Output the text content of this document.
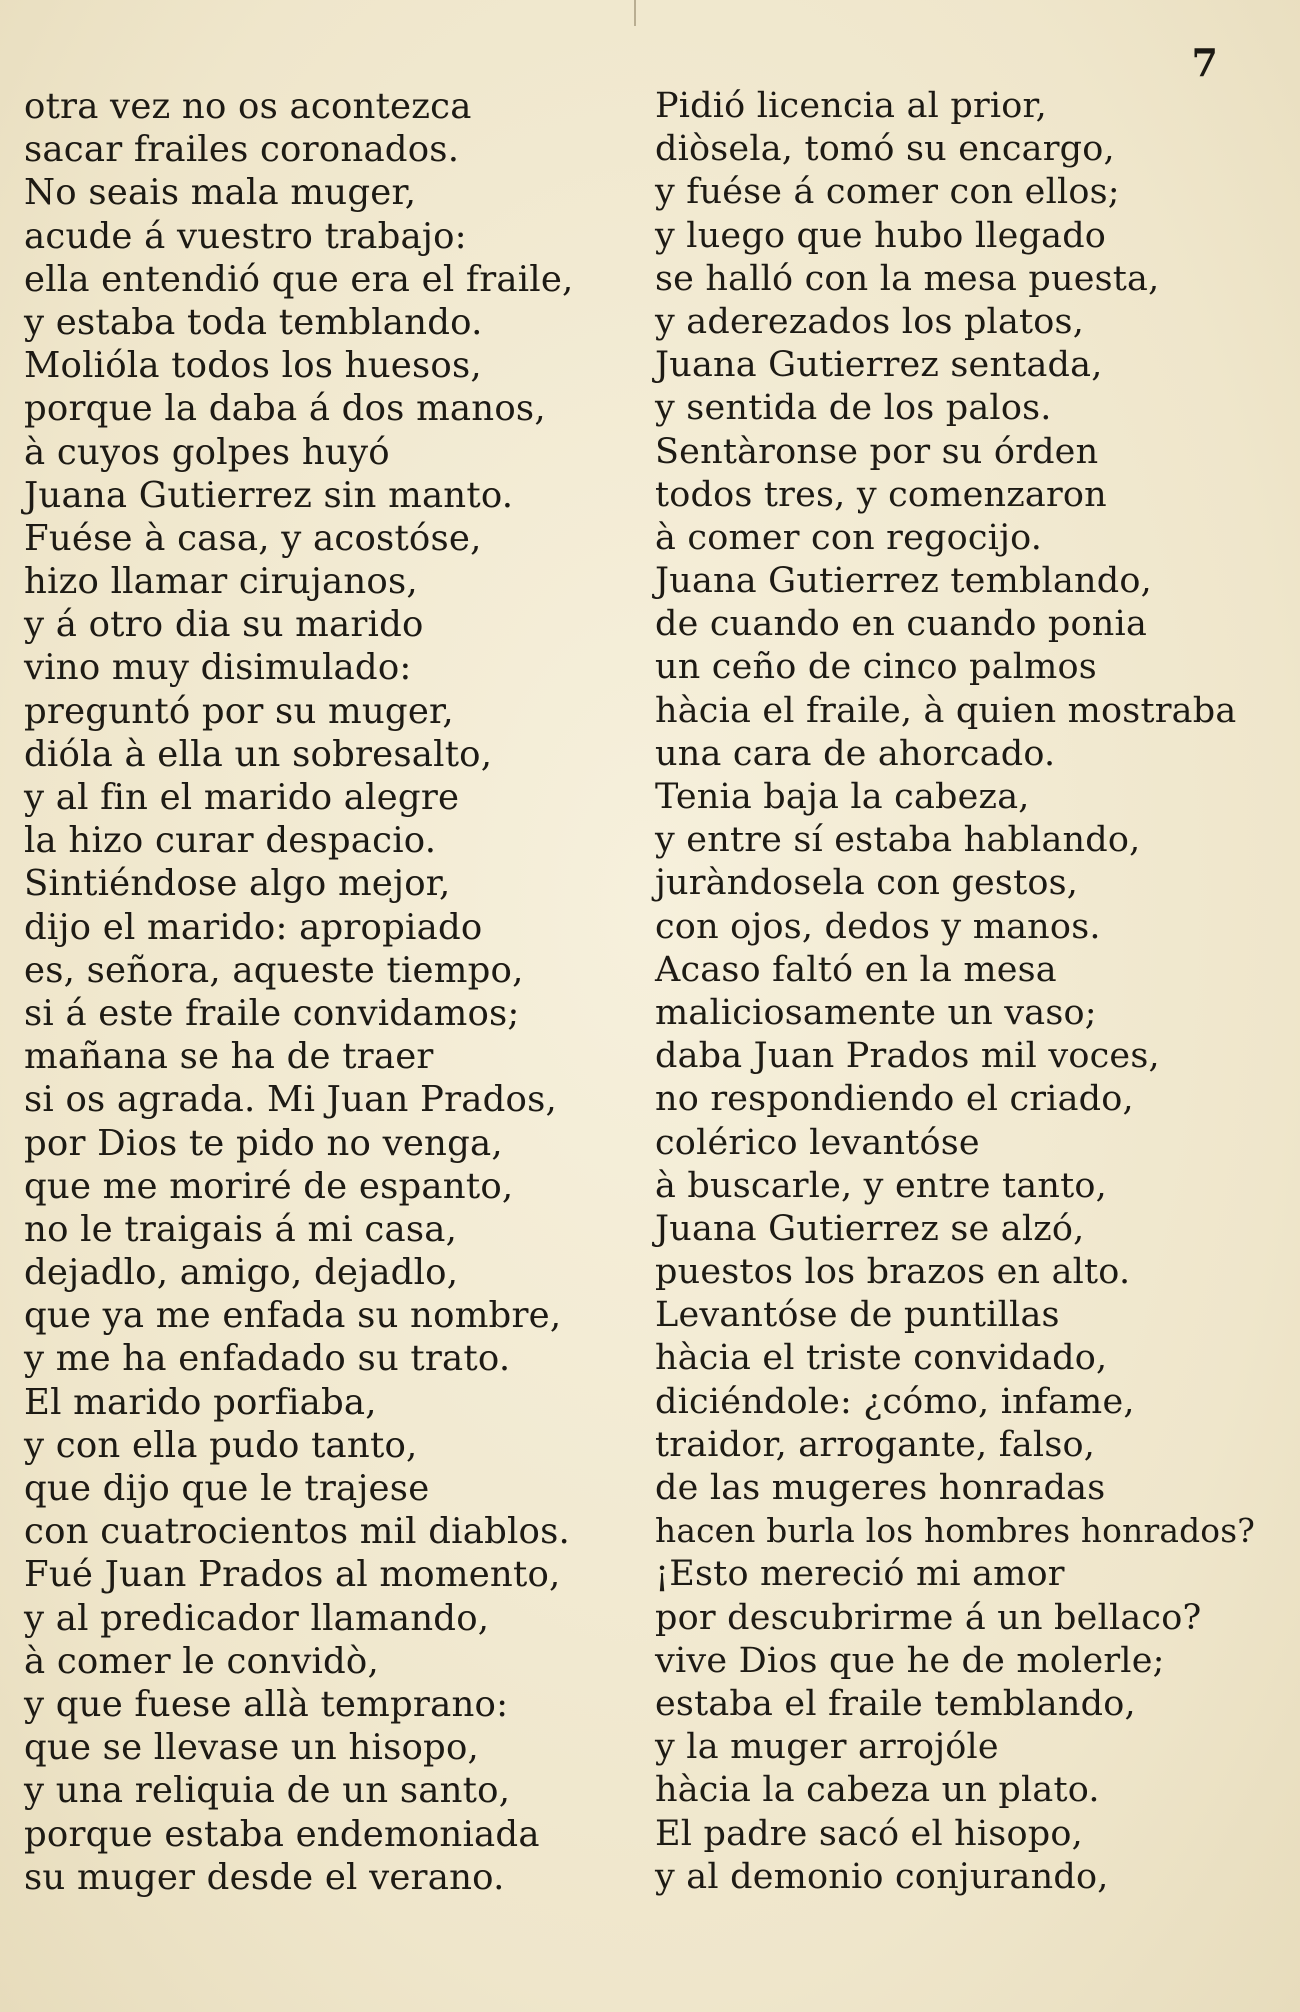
7
otra vez no os acontezca
sacar frailes coronados.
No seais mala muger,
acude á vuestro trabajo:
ella entendió que era el fraile,
y estaba toda temblando.
Molióla todos los huesos,
porque la daba á dos manos,
à cuyos golpes huyó
Juana Gutierrez sin manto.
Fuése à casa, y acostóse,
hizo llamar cirujanos,
y á otro dia su marido
vino muy disimulado:
preguntó por su muger,
dióla à ella un sobresalto,
y al fin el marido alegre
la hizo curar despacio.
Sintiéndose algo mejor,
dijo el marido: apropiado
es, señora, aqueste tiempo,
si á este fraile convidamos;
mañana se ha de traer
si os agrada. Mi Juan Prados,
por Dios te pido no venga,
que me moriré de espanto,
no le traigais á mi casa,
dejadlo, amigo, dejadlo,
que ya me enfada su nombre,
y me ha enfadado su trato.
El marido porfiaba,
y con ella pudo tanto,
que dijo que le trajese
con cuatrocientos mil diablos.
Fué Juan Prados al momento,
y al predicador llamando,
à comer le convidò,
y que fuese allà temprano:
que se llevase un hisopo,
y una reliquia de un santo,
porque estaba endemoniada
su muger desde el verano.
Pidió licencia al prior,
diòsela, tomó su encargo,
y fuése á comer con ellos;
y luego que hubo llegado
se halló con la mesa puesta,
y aderezados los platos,
Juana Gutierrez sentada,
y sentida de los palos.
Sentàronse por su órden
todos tres, y comenzaron
à comer con regocijo.
Juana Gutierrez temblando,
de cuando en cuando ponia
un ceño de cinco palmos
hàcia el fraile, à quien mostraba
una cara de ahorcado.
Tenia baja la cabeza,
y entre sí estaba hablando,
juràndosela con gestos,
con ojos, dedos y manos.
Acaso faltó en la mesa
maliciosamente un vaso;
daba Juan Prados mil voces,
no respondiendo el criado,
colérico levantóse
à buscarle, y entre tanto,
Juana Gutierrez se alzó,
puestos los brazos en alto.
Levantóse de puntillas
hàcia el triste convidado,
diciéndole: ¿cómo, infame,
traidor, arrogante, falso,
de las mugeres honradas
hacen burla los hombres honrados?
¡Esto mereció mi amor
por descubrirme á un bellaco?
vive Dios que he de molerle;
estaba el fraile temblando,
y la muger arrojóle
hàcia la cabeza un plato.
El padre sacó el hisopo,
y al demonio conjurando,
